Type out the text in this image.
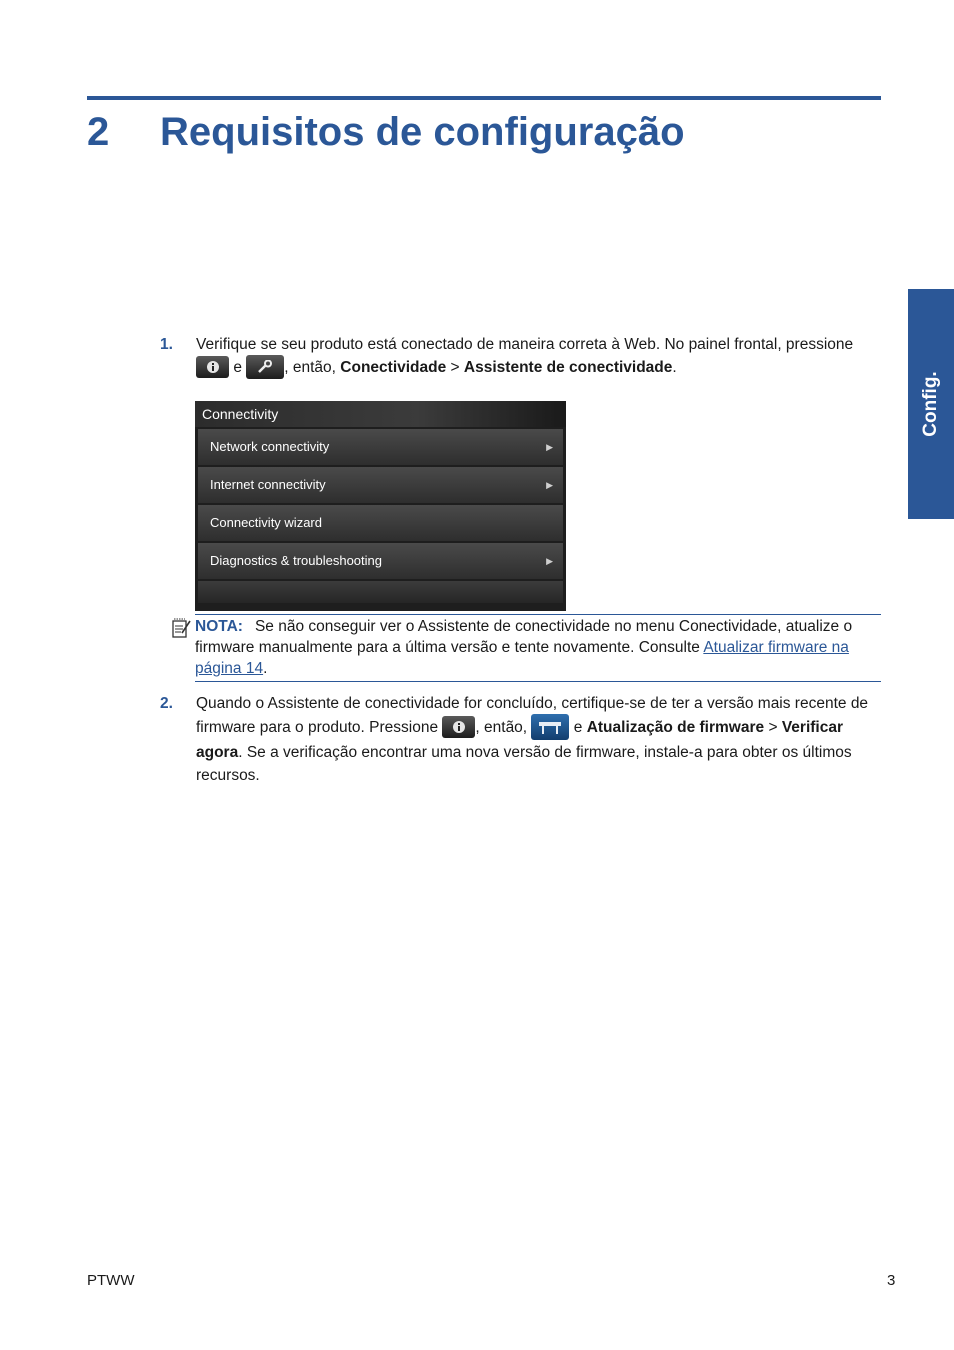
2 Requisitos de configuração
Config.
1. Verifique se seu produto está conectado de maneira correta à Web. No painel frontal, pressione

e	, então, Conectividade > Assistente de conectividade.
Connectivity
Network connectivity	▶
Internet connectivity	▶
Connectivity wizard
Diagnostics & troubleshooting	▶
NOTA: Se não conseguir ver o Assistente de conectividade no menu Conectividade, atualize o firmware manualmente para a última versão e tente novamente. Consulte Atualizar firmware na página 14.
2. Quando o Assistente de conectividade for concluído, certifique-se de ter a versão mais recente de firmware para o produto. Pressione , então,	e Atualização de firmware > Verificar agora. Se a verificação encontrar uma nova versão de firmware, instale-a para obter os últimos recursos.
PTWW	3
